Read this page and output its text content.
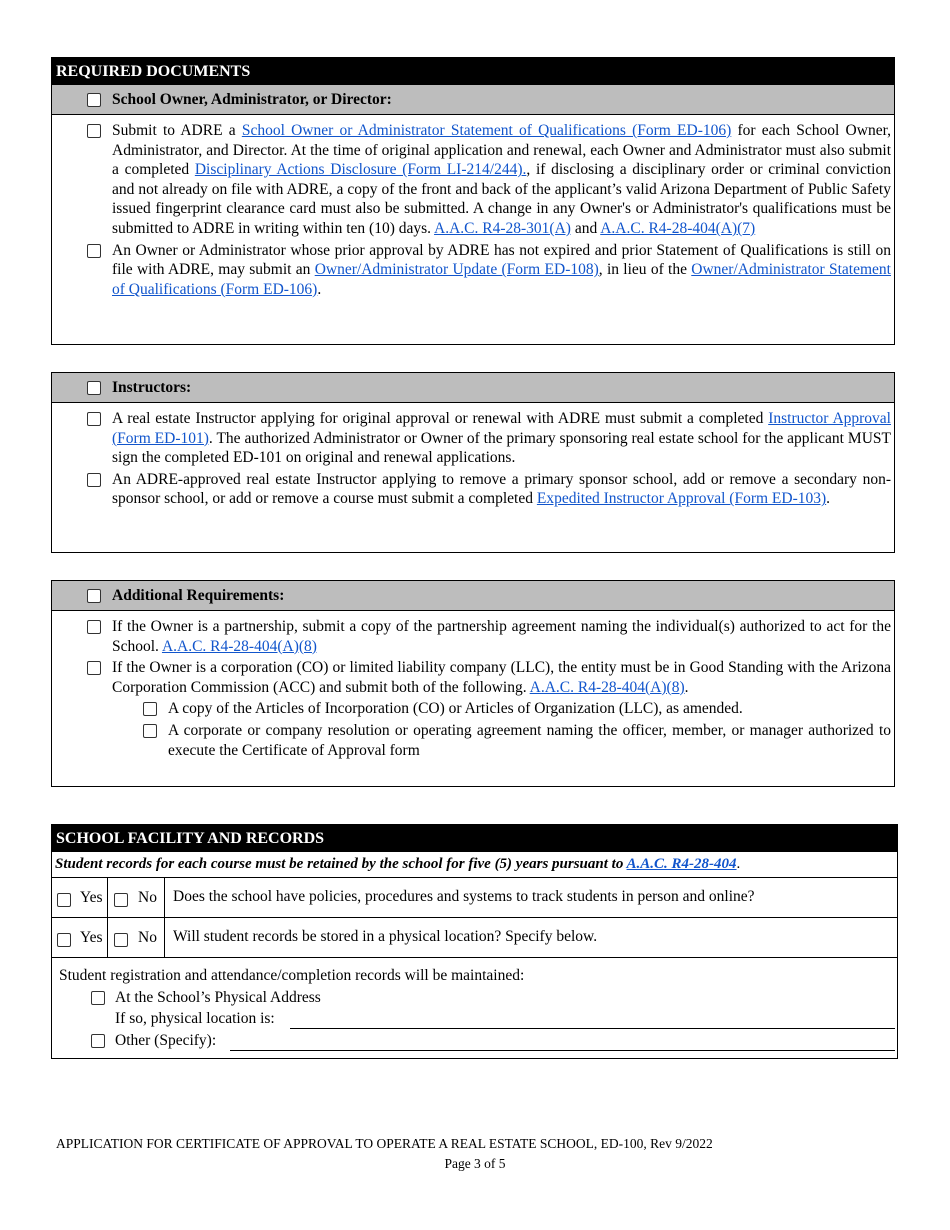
REQUIRED DOCUMENTS
School Owner, Administrator, or Director:
Submit to ADRE a School Owner or Administrator Statement of Qualifications (Form ED-106) for each School Owner, Administrator, and Director. At the time of original application and renewal, each Owner and Administrator must also submit a completed Disciplinary Actions Disclosure (Form LI-214/244)., if disclosing a disciplinary order or criminal conviction and not already on file with ADRE, a copy of the front and back of the applicant’s valid Arizona Department of Public Safety issued fingerprint clearance card must also be submitted. A change in any Owner's or Administrator's qualifications must be submitted to ADRE in writing within ten (10) days. A.A.C. R4-28-301(A) and A.A.C. R4-28-404(A)(7)
An Owner or Administrator whose prior approval by ADRE has not expired and prior Statement of Qualifications is still on file with ADRE, may submit an Owner/Administrator Update (Form ED-108), in lieu of the Owner/Administrator Statement of Qualifications (Form ED-106).
Instructors:
A real estate Instructor applying for original approval or renewal with ADRE must submit a completed Instructor Approval (Form ED-101). The authorized Administrator or Owner of the primary sponsoring real estate school for the applicant MUST sign the completed ED-101 on original and renewal applications.
An ADRE-approved real estate Instructor applying to remove a primary sponsor school, add or remove a secondary non-sponsor school, or add or remove a course must submit a completed Expedited Instructor Approval (Form ED-103).
Additional Requirements:
If the Owner is a partnership, submit a copy of the partnership agreement naming the individual(s) authorized to act for the School. A.A.C. R4-28-404(A)(8)
If the Owner is a corporation (CO) or limited liability company (LLC), the entity must be in Good Standing with the Arizona Corporation Commission (ACC) and submit both of the following. A.A.C. R4-28-404(A)(8).
A copy of the Articles of Incorporation (CO) or Articles of Organization (LLC), as amended.
A corporate or company resolution or operating agreement naming the officer, member, or manager authorized to execute the Certificate of Approval form
SCHOOL FACILITY AND RECORDS
Student records for each course must be retained by the school for five (5) years pursuant to A.A.C. R4-28-404.
Yes No Does the school have policies, procedures and systems to track students in person and online?
Yes No Will student records be stored in a physical location? Specify below.
Student registration and attendance/completion records will be maintained:
At the School’s Physical Address
If so, physical location is:
Other (Specify):
APPLICATION FOR CERTIFICATE OF APPROVAL TO OPERATE A REAL ESTATE SCHOOL, ED-100, Rev 9/2022
Page 3 of 5
